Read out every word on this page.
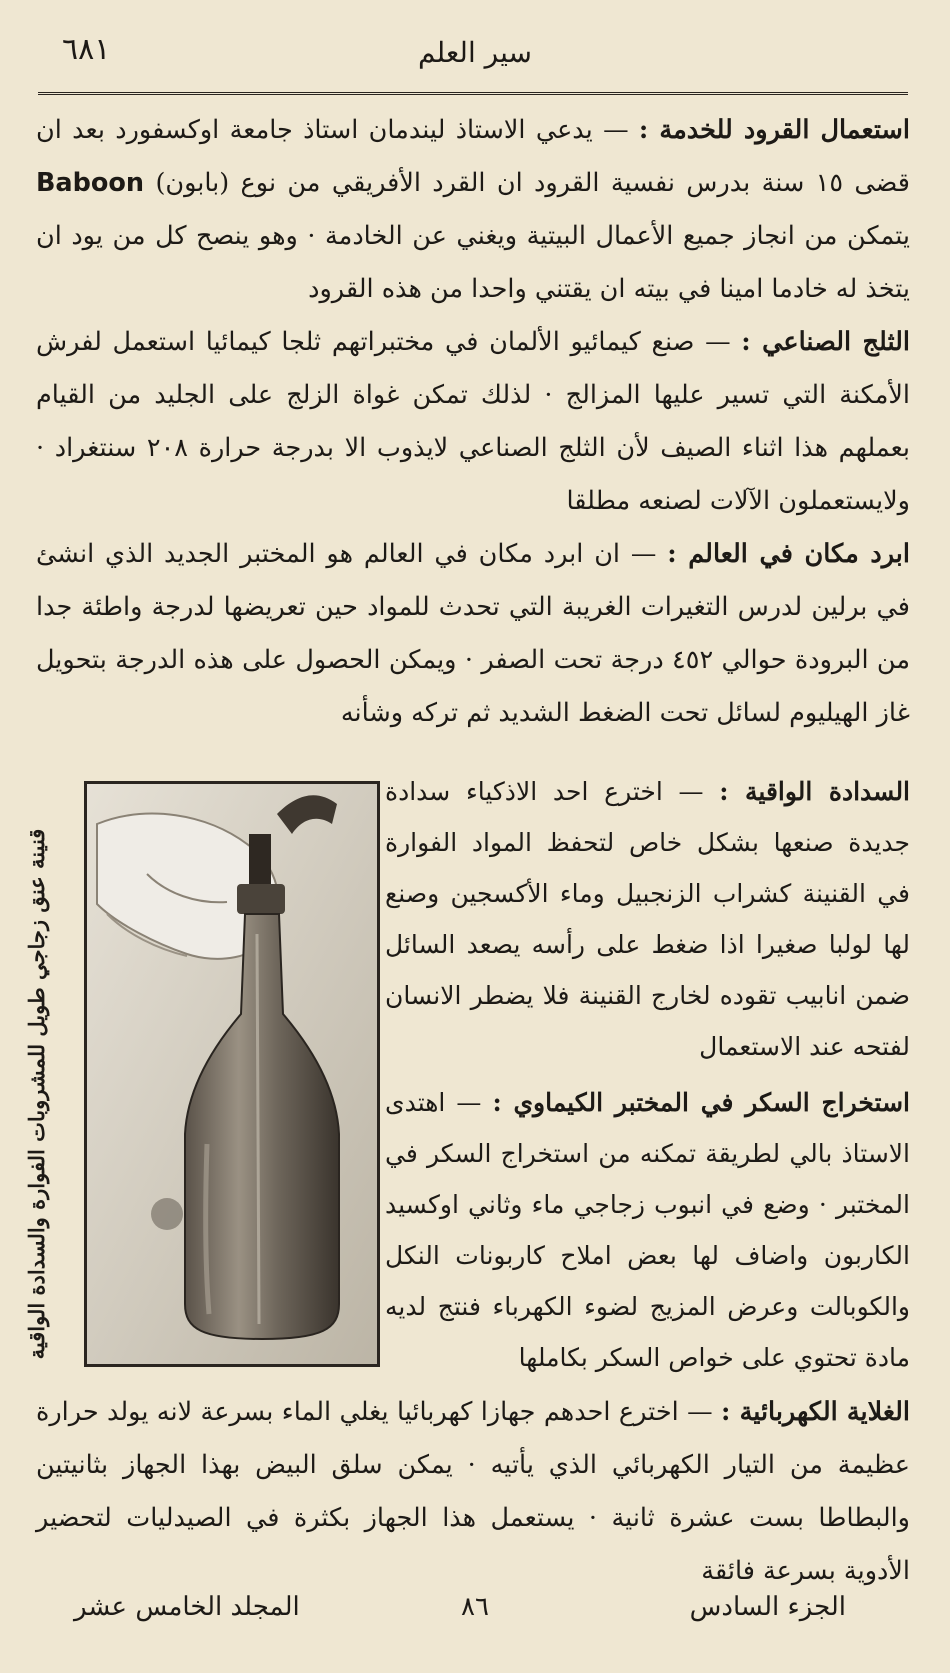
٦٨١	سير العلم
استعمال القرود للخدمة : — يدعي الاستاذ ليندمان استاذ جامعة اوكسفورد بعد ان قضى ١٥ سنة بدرس نفسية القرود ان القرد الأفريقي من نوع (بابون) Baboon يتمكن من انجاز جميع الأعمال البيتية ويغني عن الخادمة · وهو ينصح كل من يود ان يتخذ له خادما امينا في بيته ان يقتني واحدا من هذه القرود
الثلج الصناعي : — صنع كيمائيو الألمان في مختبراتهم ثلجا كيمائيا استعمل لفرش الأمكنة التي تسير عليها المزالج · لذلك تمكن غواة الزلج على الجليد من القيام بعملهم هذا اثناء الصيف لأن الثلج الصناعي لايذوب الا بدرجة حرارة ٢٠٨ سنتغراد · ولايستعملون الآلات لصنعه مطلقا
ابرد مكان في العالم : — ان ابرد مكان في العالم هو المختبر الجديد الذي انشئ في برلين لدرس التغيرات الغريبة التي تحدث للمواد حين تعريضها لدرجة واطئة جدا من البرودة حوالي ٤٥٢ درجة تحت الصفر · ويمكن الحصول على هذه الدرجة بتحويل غاز الهيليوم لسائل تحت الضغط الشديد ثم تركه وشأنه
قنينة عنق زجاجي طويل للمشروبات الفوارة والسدادة الواقية
السدادة الواقية : — اخترع احد الاذكياء سدادة جديدة صنعها بشكل خاص لتحفظ المواد الفوارة في القنينة كشراب الزنجبيل وماء الأكسجين وصنع لها لولبا صغيرا اذا ضغط على رأسه يصعد السائل ضمن انابيب تقوده لخارج القنينة فلا يضطر الانسان لفتحه عند الاستعمال
استخراج السكر في المختبر الكيماوي : — اهتدى الاستاذ بالي لطريقة تمكنه من استخراج السكر في المختبر · وضع في انبوب زجاجي ماء وثاني اوكسيد الكاربون واضاف لها بعض املاح كاربونات النكل والكوبالت وعرض المزيج لضوء الكهرباء فنتج لديه مادة تحتوي على خواص السكر بكاملها
الغلاية الكهربائية : — اخترع احدهم جهازا كهربائيا يغلي الماء بسرعة لانه يولد حرارة عظيمة من التيار الكهربائي الذي يأتيه · يمكن سلق البيض بهذا الجهاز بثانيتين والبطاطا بست عشرة ثانية · يستعمل هذا الجهاز بكثرة في الصيدليات لتحضير الأدوية بسرعة فائقة
المجلد الخامس عشر	٨٦	الجزء السادس
